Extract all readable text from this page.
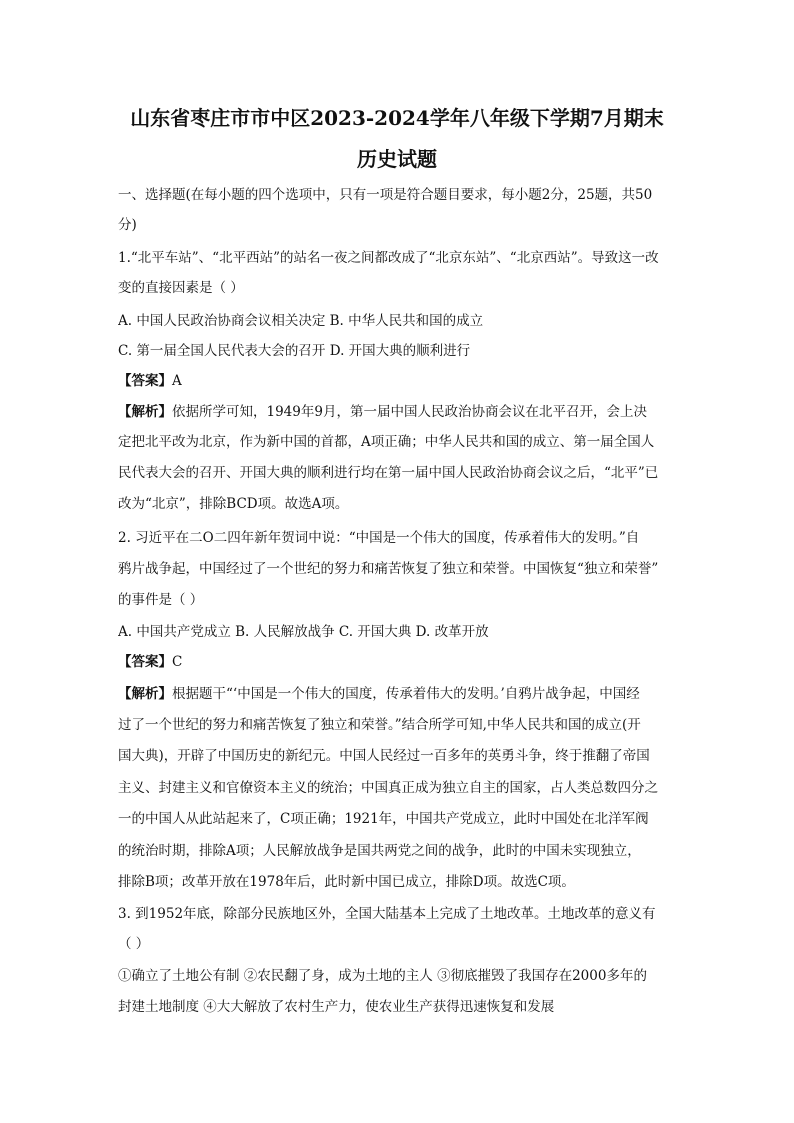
山东省枣庄市市中区2023-2024学年八年级下学期7月期末
历史试题
一、选择题(在每小题的四个选项中，只有一项是符合题目要求，每小题2分，25题，共50
分)
1.“北平车站”、“北平西站”的站名一夜之间都改成了“北京东站”、“北京西站”。导致这一改
变的直接因素是（ ）
A. 中国人民政治协商会议相关决定 B. 中华人民共和国的成立
C. 第一届全国人民代表大会的召开 D. 开国大典的顺利进行
【答案】A
【解析】依据所学可知，1949年9月，第一届中国人民政治协商会议在北平召开，会上决
定把北平改为北京，作为新中国的首都，A项正确；中华人民共和国的成立、第一届全国人
民代表大会的召开、开国大典的顺利进行均在第一届中国人民政治协商会议之后，“北平”已
改为“北京”，排除BCD项。故选A项。
2. 习近平在二O二四年新年贺词中说：“中国是一个伟大的国度，传承着伟大的发明。”自
鸦片战争起，中国经过了一个世纪的努力和痛苦恢复了独立和荣誉。中国恢复“独立和荣誉”
的事件是（ ）
A. 中国共产党成立 B. 人民解放战争 C. 开国大典 D. 改革开放
【答案】C
【解析】根据题干“‘中国是一个伟大的国度，传承着伟大的发明。’自鸦片战争起，中国经
过了一个世纪的努力和痛苦恢复了独立和荣誉。”结合所学可知,中华人民共和国的成立(开
国大典)，开辟了中国历史的新纪元。中国人民经过一百多年的英勇斗争，终于推翻了帝国
主义、封建主义和官僚资本主义的统治；中国真正成为独立自主的国家，占人类总数四分之
一的中国人从此站起来了，C项正确；1921年，中国共产党成立，此时中国处在北洋军阀
的统治时期，排除A项；人民解放战争是国共两党之间的战争，此时的中国未实现独立，
排除B项；改革开放在1978年后，此时新中国已成立，排除D项。故选C项。
3. 到1952年底，除部分民族地区外，全国大陆基本上完成了土地改革。土地改革的意义有
（ ）
①确立了土地公有制 ②农民翻了身，成为土地的主人 ③彻底摧毁了我国存在2000多年的
封建土地制度 ④大大解放了农村生产力，使农业生产获得迅速恢复和发展
